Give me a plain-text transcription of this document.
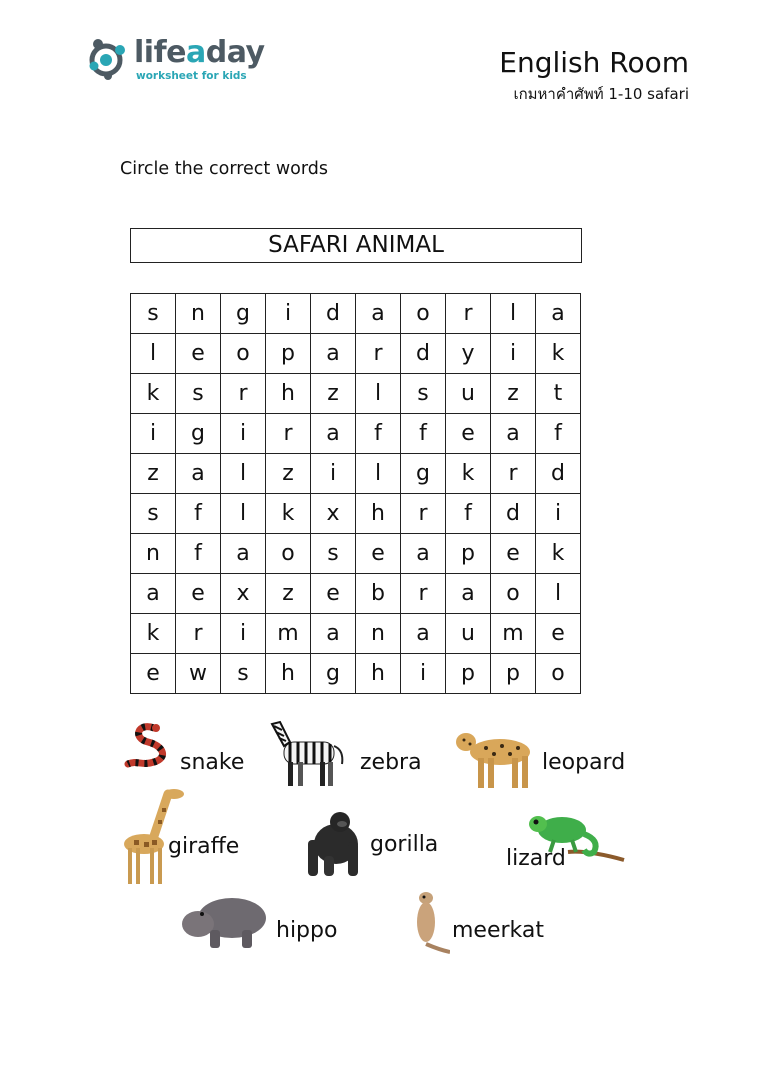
lifeaday
worksheet for kids	English Room
เกมหาคำศัพท์ 1-10 safari
Circle the correct words
SAFARI ANIMAL
s	n	g	i	d	a	o	r	l	a
l	e	o	p	a	r	d	y	i	k
k	s	r	h	z	l	s	u	z	t
i	g	i	r	a	f	f	e	a	f
z	a	l	z	i	l	g	k	r	d
s	f	l	k	x	h	r	f	d	i
n	f	a	o	s	e	a	p	e	k
a	e	x	z	e	b	r	a	o	l
k	r	i	m	a	n	a	u	m	e
e	w	s	h	g	h	i	p	p	o
snake	zebra	leopard
giraffe	gorilla
lizard
hippo	meerkat
